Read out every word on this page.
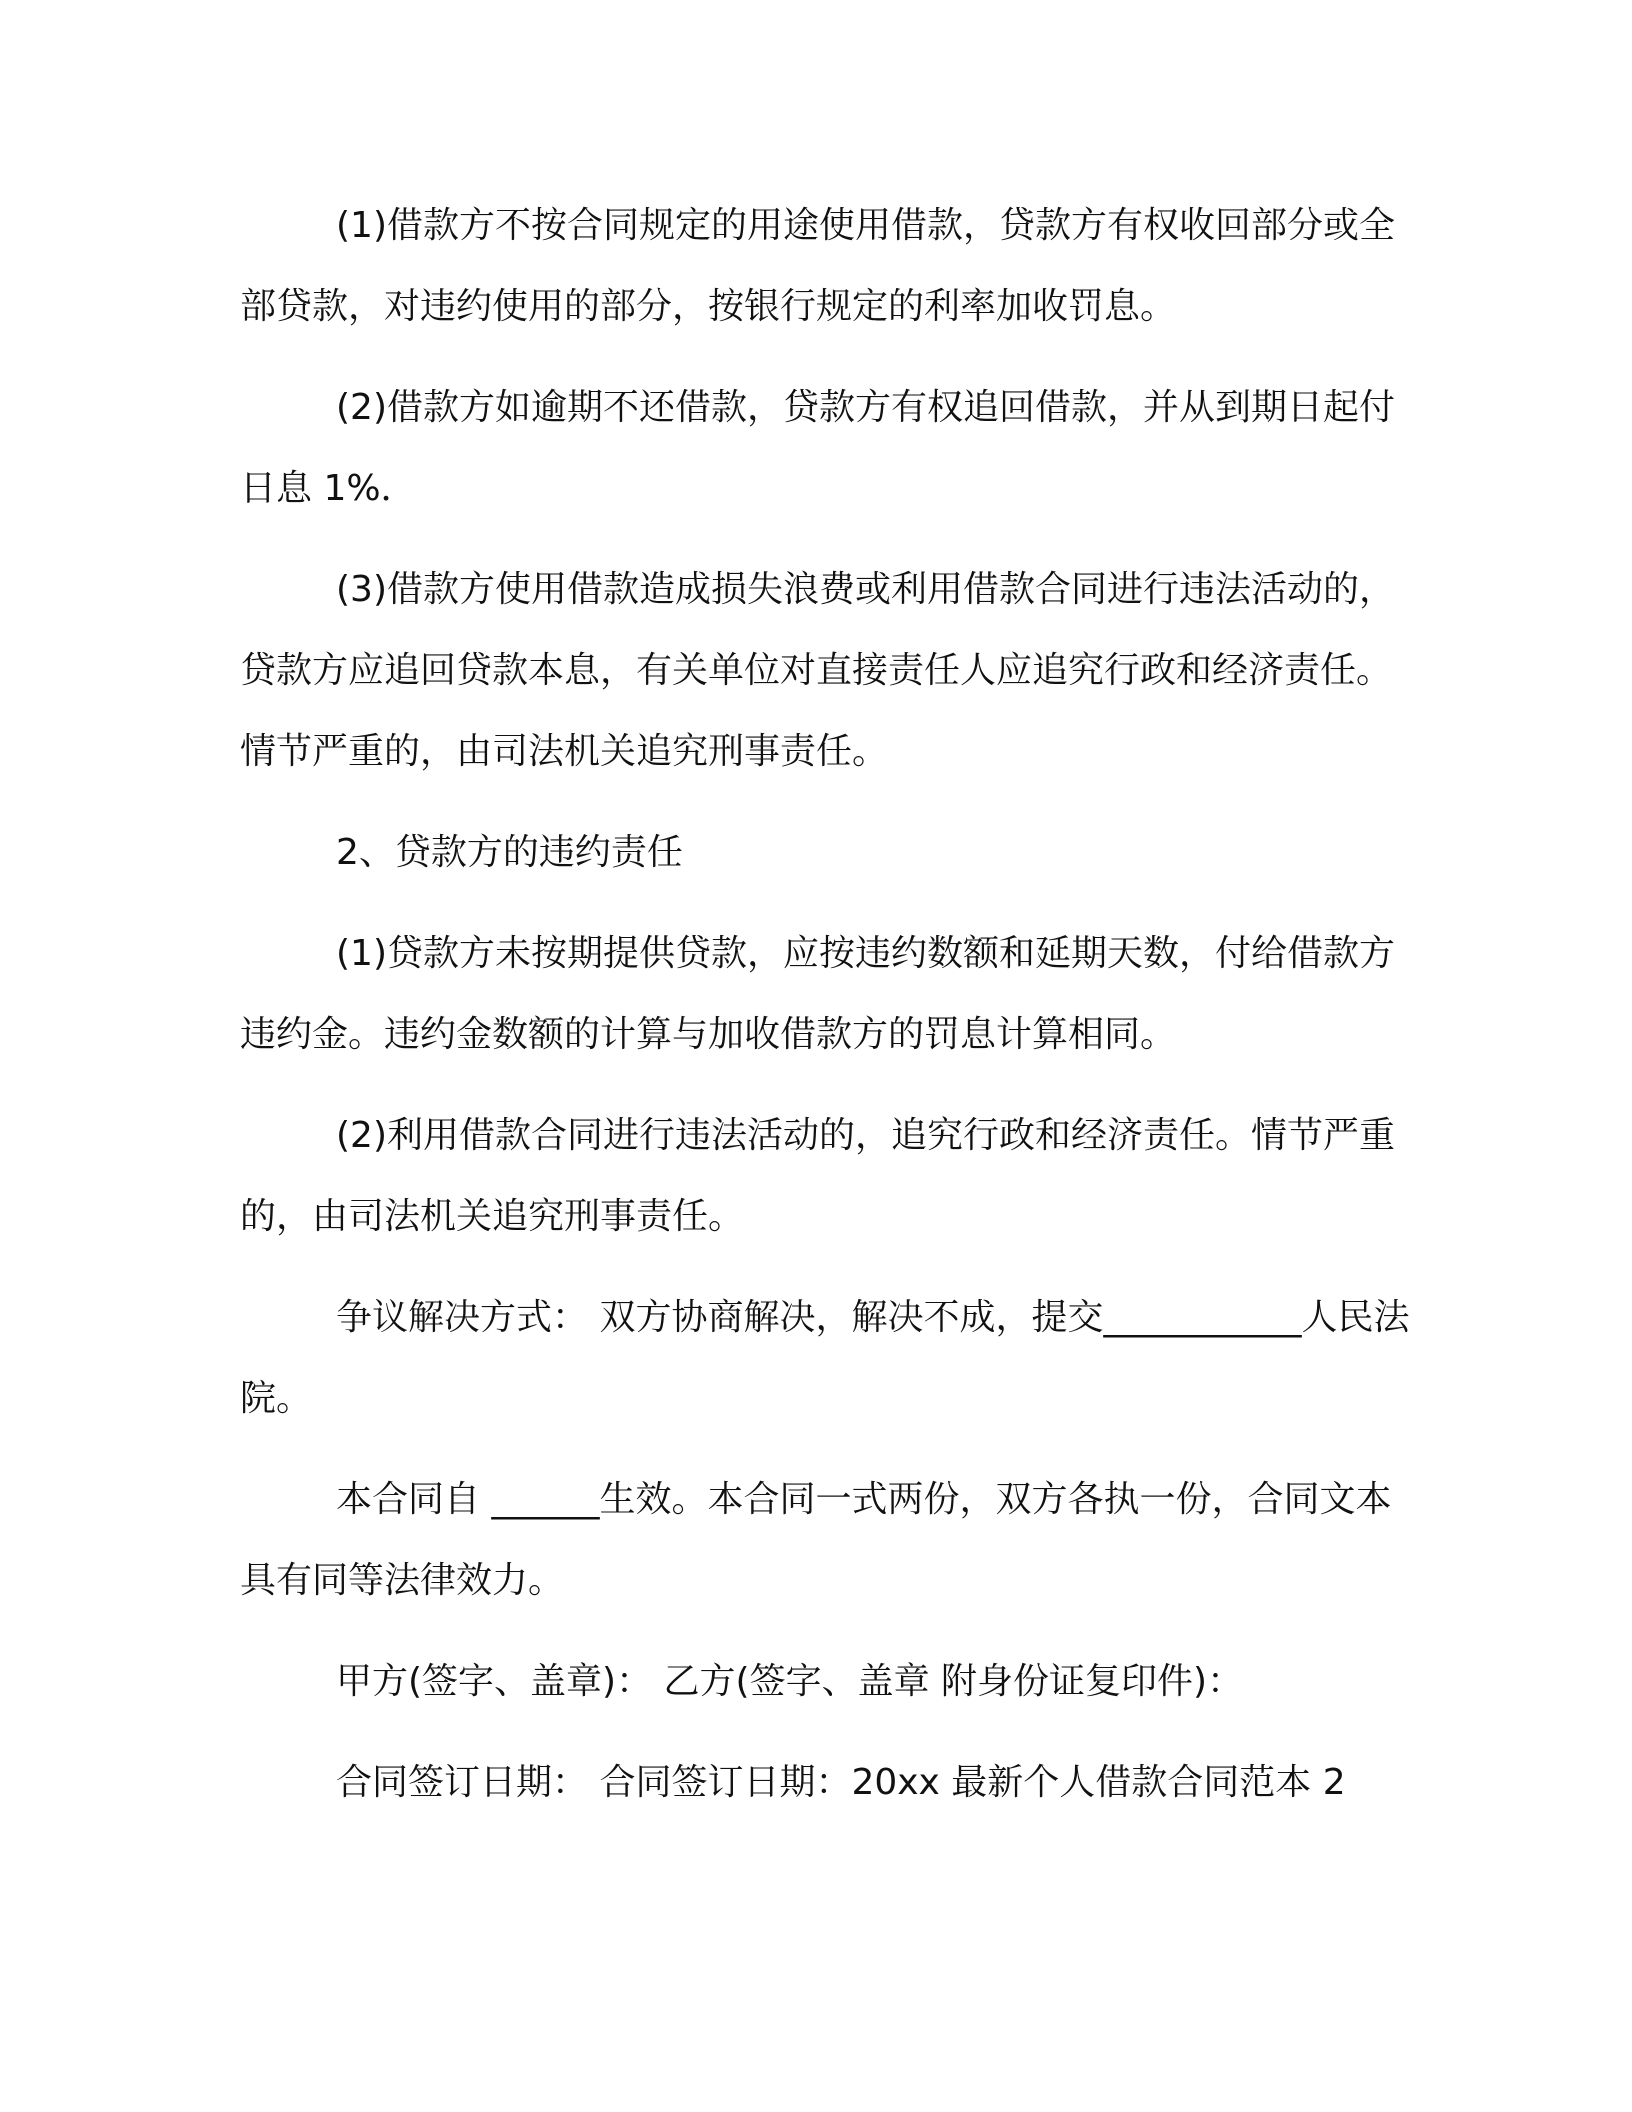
(1)借款方不按合同规定的用途使用借款，贷款方有权收回部分或全部贷款，对违约使用的部分，按银行规定的利率加收罚息。

(2)借款方如逾期不还借款，贷款方有权追回借款，并从到期日起付日息 1%．

(3)借款方使用借款造成损失浪费或利用借款合同进行违法活动的，贷款方应追回贷款本息，有关单位对直接责任人应追究行政和经济责任。情节严重的，由司法机关追究刑事责任。

2、贷款方的违约责任

(1)贷款方未按期提供贷款，应按违约数额和延期天数，付给借款方违约金。违约金数额的计算与加收借款方的罚息计算相同。

(2)利用借款合同进行违法活动的，追究行政和经济责任。情节严重的，由司法机关追究刑事责任。

争议解决方式： 双方协商解决，解决不成，提交___________人民法院。

本合同自 ______生效。本合同一式两份，双方各执一份，合同文本具有同等法律效力。

甲方(签字、盖章)： 乙方(签字、盖章 附身份证复印件)：

合同签订日期： 合同签订日期：20xx 最新个人借款合同范本 2
